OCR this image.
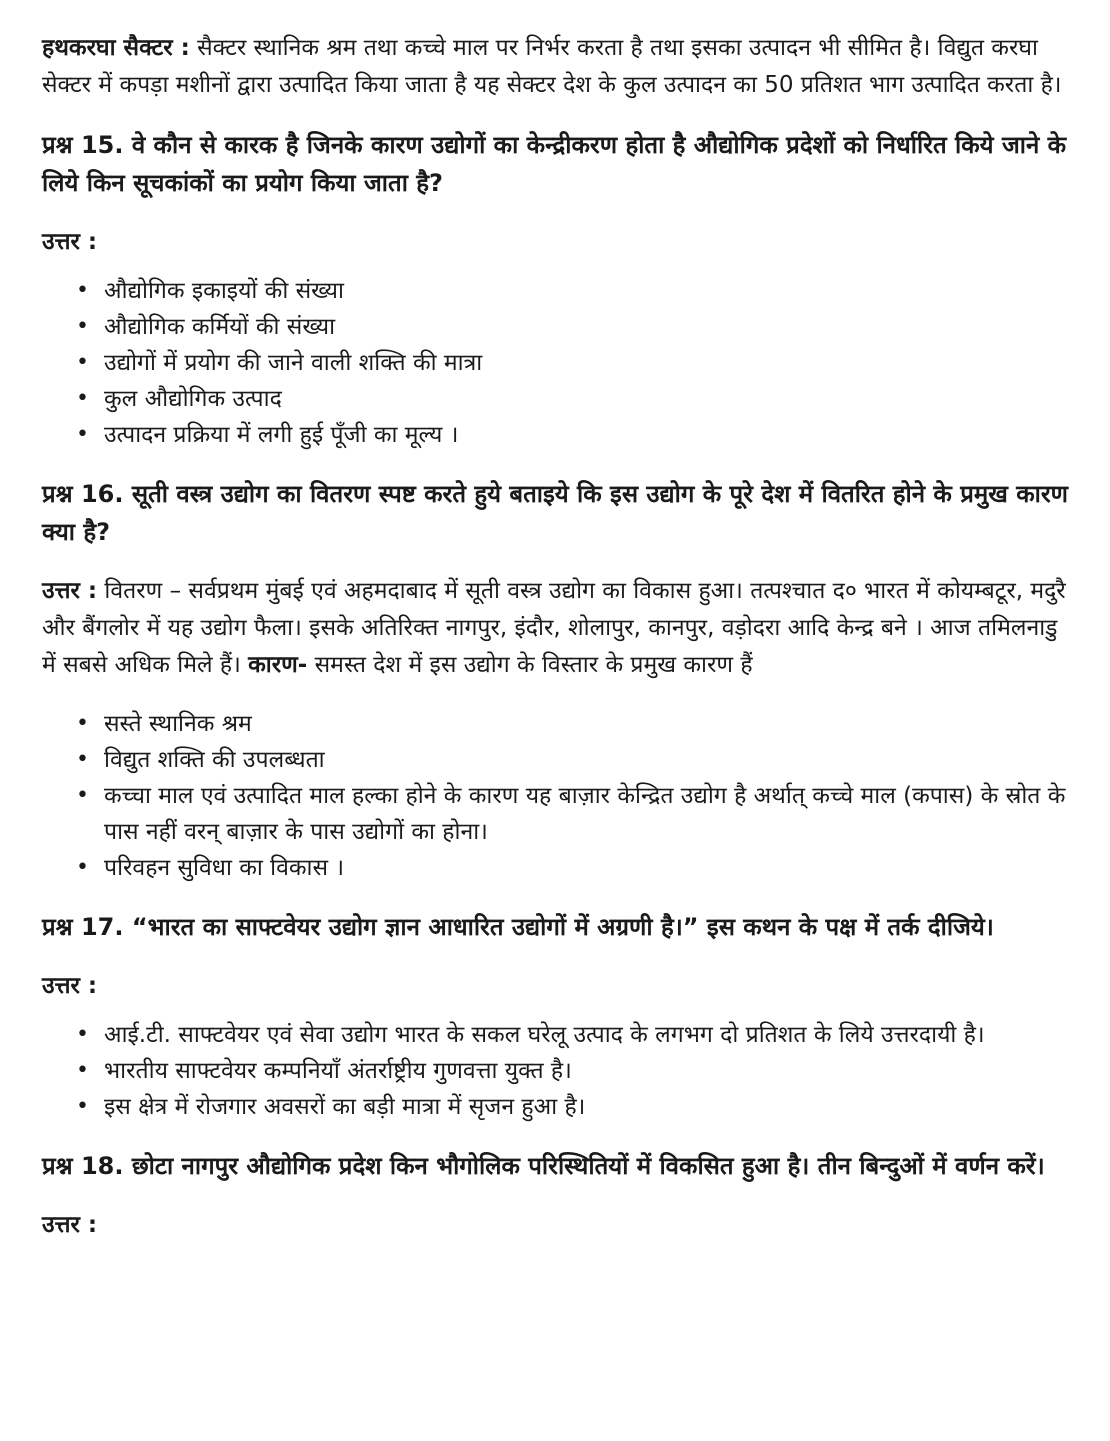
हथकरघा सैक्टर : सैक्टर स्थानिक श्रम तथा कच्चे माल पर निर्भर करता है तथा इसका उत्पादन भी सीमित है। विद्युत करघा सेक्टर में कपड़ा मशीनों द्वारा उत्पादित किया जाता है यह सेक्टर देश के कुल उत्पादन का 50 प्रतिशत भाग उत्पादित करता है।

प्रश्न 15. वे कौन से कारक है जिनके कारण उद्योगों का केन्द्रीकरण होता है औद्योगिक प्रदेशों को निर्धारित किये जाने के लिये किन सूचकांकों का प्रयोग किया जाता है?

उत्तर :

• औद्योगिक इकाइयों की संख्या
• औद्योगिक कर्मियों की संख्या
• उद्योगों में प्रयोग की जाने वाली शक्ति की मात्रा
• कुल औद्योगिक उत्पाद
• उत्पादन प्रक्रिया में लगी हुई पूँजी का मूल्य ।

प्रश्न 16. सूती वस्त्र उद्योग का वितरण स्पष्ट करते हुये बताइये कि इस उद्योग के पूरे देश में वितरित होने के प्रमुख कारण क्या है?

उत्तर : वितरण – सर्वप्रथम मुंबई एवं अहमदाबाद में सूती वस्त्र उद्योग का विकास हुआ। तत्पश्चात द० भारत में कोयम्बटूर, मदुरै और बैंगलोर में यह उद्योग फैला। इसके अतिरिक्त नागपुर, इंदौर, शोलापुर, कानपुर, वड़ोदरा आदि केन्द्र बने । आज तमिलनाडु में सबसे अधिक मिले हैं। कारण- समस्त देश में इस उद्योग के विस्तार के प्रमुख कारण हैं

• सस्ते स्थानिक श्रम
• विद्युत शक्ति की उपलब्धता
• कच्चा माल एवं उत्पादित माल हल्का होने के कारण यह बाज़ार केन्द्रित उद्योग है अर्थात् कच्चे माल (कपास) के स्रोत के पास नहीं वरन् बाज़ार के पास उद्योगों का होना।
• परिवहन सुविधा का विकास ।

प्रश्न 17. “भारत का साफ्टवेयर उद्योग ज्ञान आधारित उद्योगों में अग्रणी है।” इस कथन के पक्ष में तर्क दीजिये।

उत्तर :

• आई.टी. साफ्टवेयर एवं सेवा उद्योग भारत के सकल घरेलू उत्पाद के लगभग दो प्रतिशत के लिये उत्तरदायी है।
• भारतीय साफ्टवेयर कम्पनियाँ अंतर्राष्ट्रीय गुणवत्ता युक्त है।
• इस क्षेत्र में रोजगार अवसरों का बड़ी मात्रा में सृजन हुआ है।

प्रश्न 18. छोटा नागपुर औद्योगिक प्रदेश किन भौगोलिक परिस्थितियों में विकसित हुआ है। तीन बिन्दुओं में वर्णन करें।

उत्तर :
